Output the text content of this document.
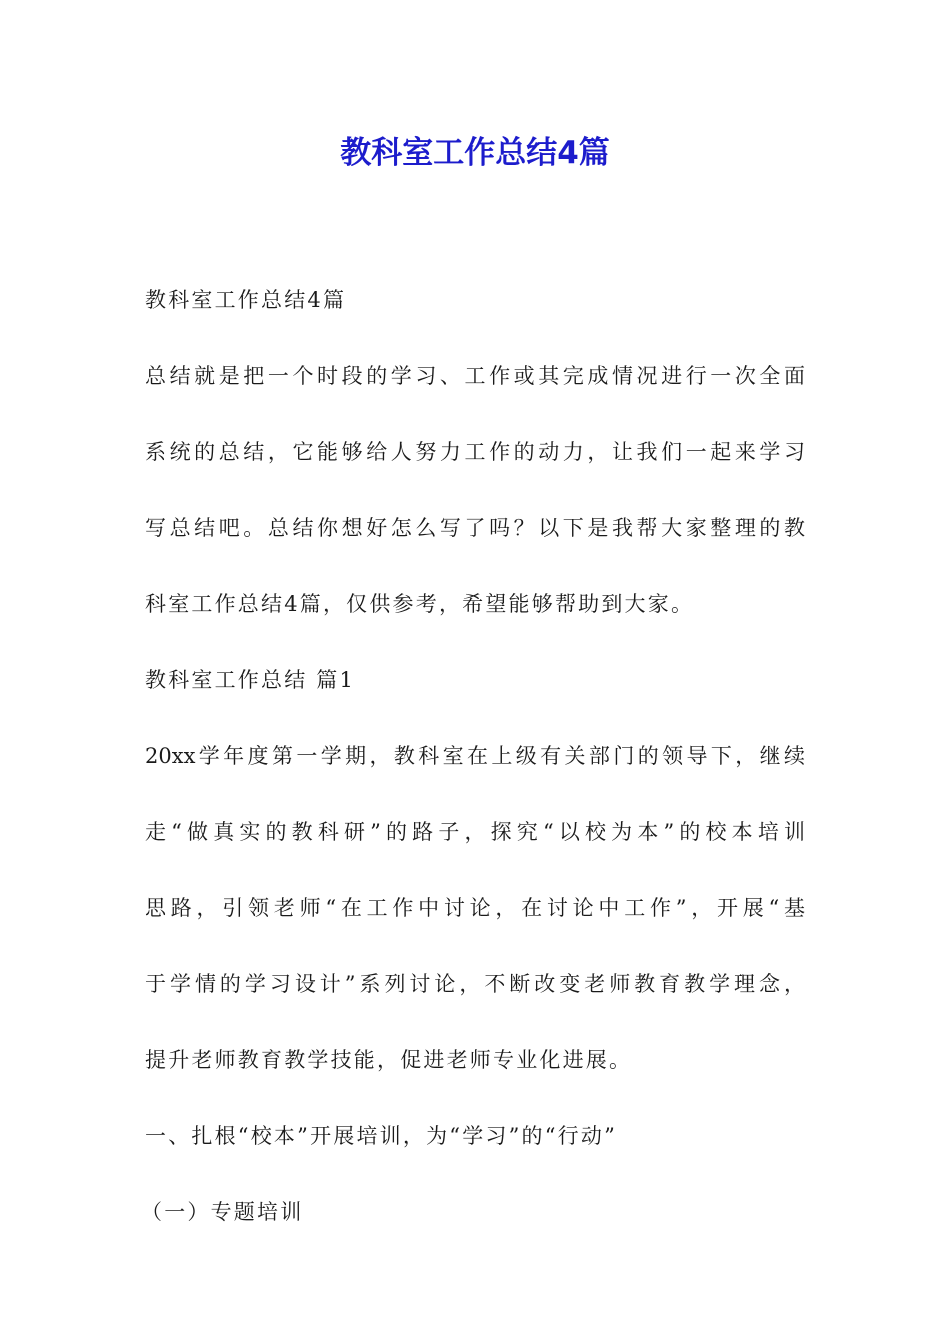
教科室工作总结4篇

教科室工作总结4篇

总结就是把一个时段的学习、工作或其完成情况进行一次全面

系统的总结，它能够给人努力工作的动力，让我们一起来学习

写总结吧。总结你想好怎么写了吗？以下是我帮大家整理的教

科室工作总结4篇，仅供参考，希望能够帮助到大家。

教科室工作总结 篇1

20xx学年度第一学期，教科室在上级有关部门的领导下，继续

走“做真实的教科研”的路子，探究“以校为本”的校本培训

思路，引领老师“在工作中讨论，在讨论中工作”，开展“基

于学情的学习设计”系列讨论，不断改变老师教育教学理念，

提升老师教育教学技能，促进老师专业化进展。

一、扎根“校本”开展培训，为“学习”的“行动”

（一）专题培训
